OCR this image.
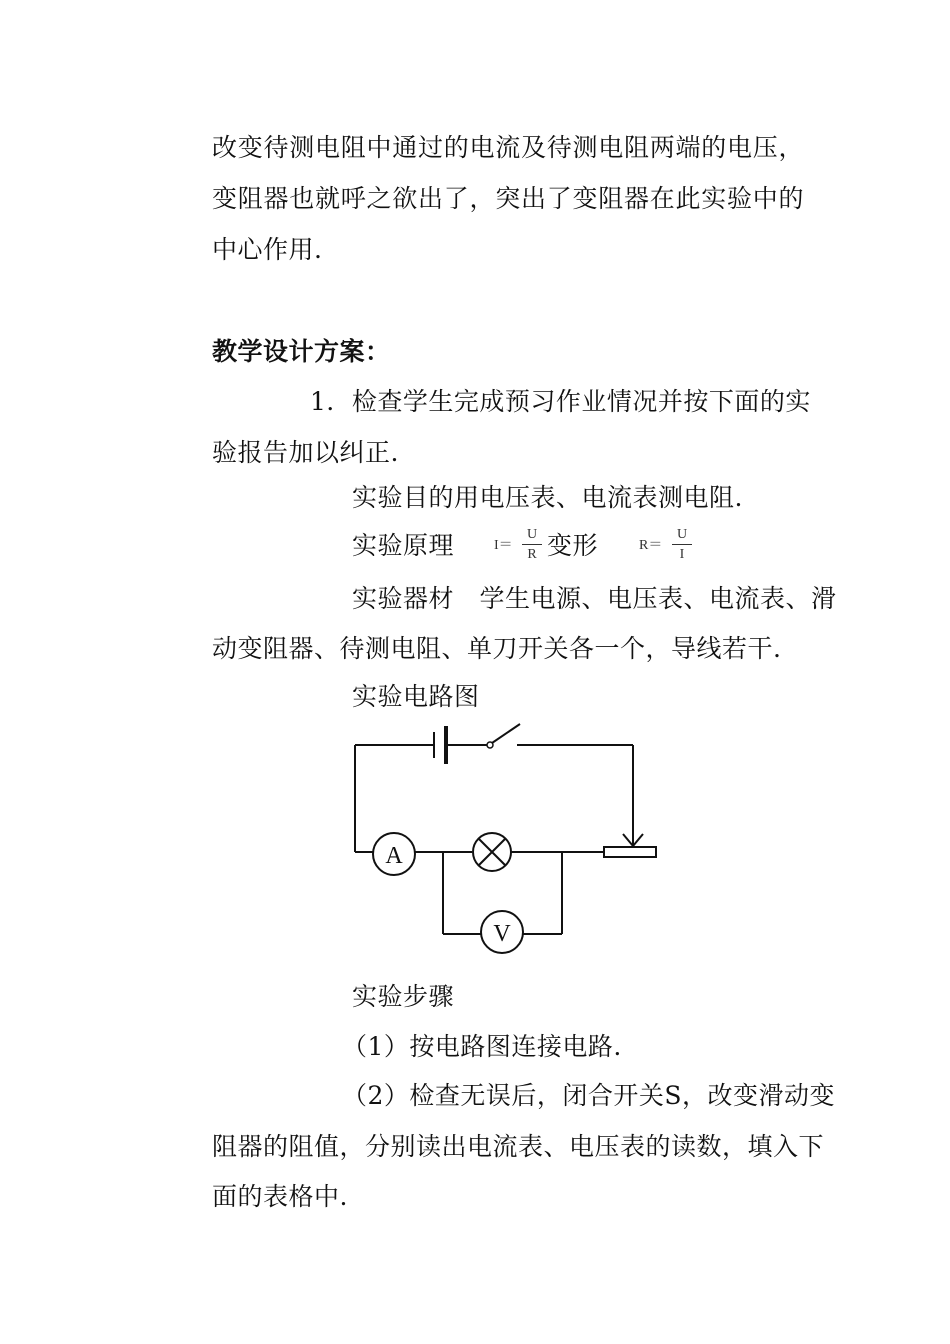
改变待测电阻中通过的电流及待测电阻两端的电压，
变阻器也就呼之欲出了，突出了变阻器在此实验中的
中心作用.
教学设计方案：
1．检查学生完成预习作业情况并按下面的实
验报告加以纠正.
实验目的用电压表、电流表测电阻.
实验原理	$I= \frac{U}{R}$ 变形	$R= \frac{U}{I}$
实验器材　学生电源、电压表、电流表、滑
动变阻器、待测电阻、单刀开关各一个，导线若干.
实验电路图
A
V
实验步骤
（1）按电路图连接电路.
（2）检查无误后，闭合开关S，改变滑动变
阻器的阻值，分别读出电流表、电压表的读数，填入下
面的表格中.
